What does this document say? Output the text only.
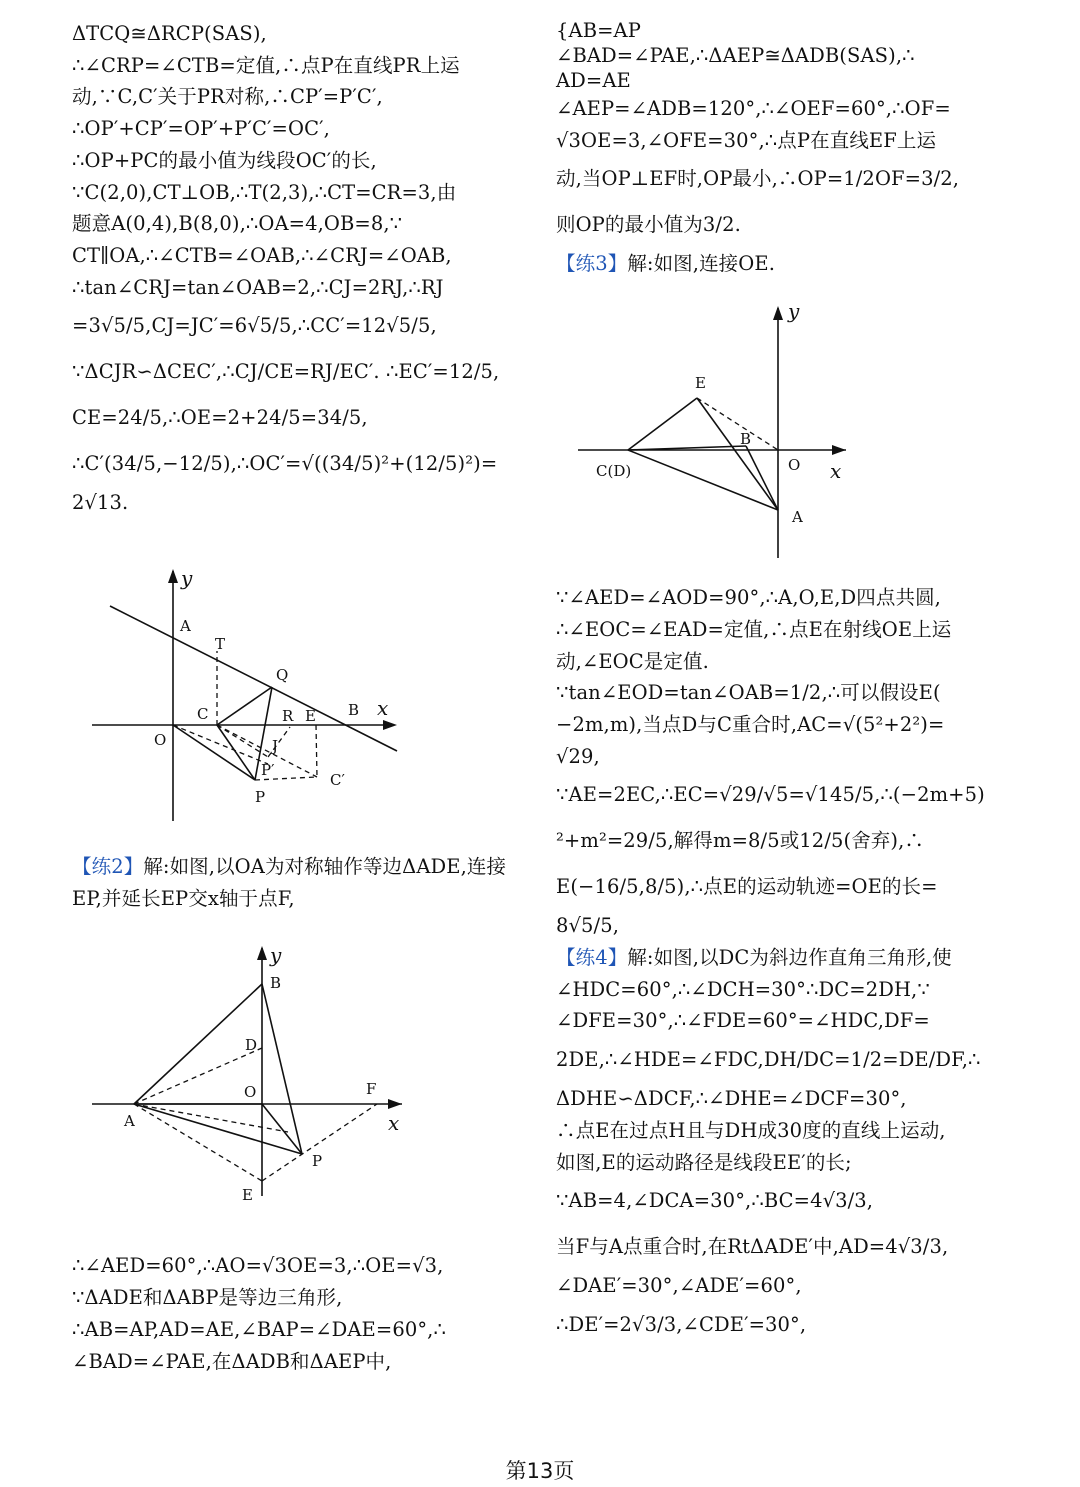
ΔTCQ≅ΔRCP(SAS),
∴∠CRP=∠CTB=定值,∴点P在直线PR上运
动,∵C,C′关于PR对称,∴CP′=P′C′,
∴OP′+CP′=OP′+P′C′=OC′,
∴OP+PC的最小值为线段OC′的长,
∵C(2,0),CT⊥OB,∴T(2,3),∴CT=CR=3,由
题意A(0,4),B(8,0),∴OA=4,OB=8,∵
CT∥OA,∴∠CTB=∠OAB,∴∠CRJ=∠OAB,
∴tan∠CRJ=tan∠OAB=2,∴CJ=2RJ,∴RJ
=3√5/5,CJ=JC′=6√5/5,∴CC′=12√5/5,
∵ΔCJR∽ΔCEC′,∴CJ/CE=RJ/EC′. ∴EC′=12/5,
CE=24/5,∴OE=2+24/5=34/5,
∴C′(34/5,−12/5),∴OC′=√((34/5)²+(12/5)²)=
2√13.
y
x
A
T
Q
C	R E B
O	J
P′
C′
P
【练2】解:如图,以OA为对称轴作等边ΔADE,连接
EP,并延长EP交x轴于点F,
y
x
B
D
O	F
A
P
E
∴∠AED=60°,∴AO=√3OE=3,∴OE=√3,
∵ΔADE和ΔABP是等边三角形,
∴AB=AP,AD=AE,∠BAP=∠DAE=60°,∴
∠BAD=∠PAE,在ΔADB和ΔAEP中,
{AB=AP
∠BAD=∠PAE,∴ΔAEP≅ΔADB(SAS),∴
AD=AE
∠AEP=∠ADB=120°,∴∠OEF=60°,∴OF=
√3OE=3,∠OFE=30°,∴点P在直线EF上运
动,当OP⊥EF时,OP最小,∴OP=1/2OF=3/2,
则OP的最小值为3/2.
【练3】解:如图,连接OE.
y
x
E
B
O
C(D)
A
∵∠AED=∠AOD=90°,∴A,O,E,D四点共圆,
∴∠EOC=∠EAD=定值,∴点E在射线OE上运
动,∠EOC是定值.
∵tan∠EOD=tan∠OAB=1/2,∴可以假设E(
−2m,m),当点D与C重合时,AC=√(5²+2²)=
√29,
∵AE=2EC,∴EC=√29/√5=√145/5,∴(−2m+5)
²+m²=29/5,解得m=8/5或12/5(舍弃),∴
E(−16/5,8/5),∴点E的运动轨迹=OE的长=
8√5/5,
【练4】解:如图,以DC为斜边作直角三角形,使
∠HDC=60°,∴∠DCH=30°∴DC=2DH,∵
∠DFE=30°,∴∠FDE=60°=∠HDC,DF=
2DE,∴∠HDE=∠FDC,DH/DC=1/2=DE/DF,∴
ΔDHE∽ΔDCF,∴∠DHE=∠DCF=30°,
∴点E在过点H且与DH成30度的直线上运动,
如图,E的运动路径是线段EE′的长;
∵AB=4,∠DCA=30°,∴BC=4√3/3,
当F与A点重合时,在RtΔADE′中,AD=4√3/3,
∠DAE′=30°,∠ADE′=60°,
∴DE′=2√3/3,∠CDE′=30°,
第13页
